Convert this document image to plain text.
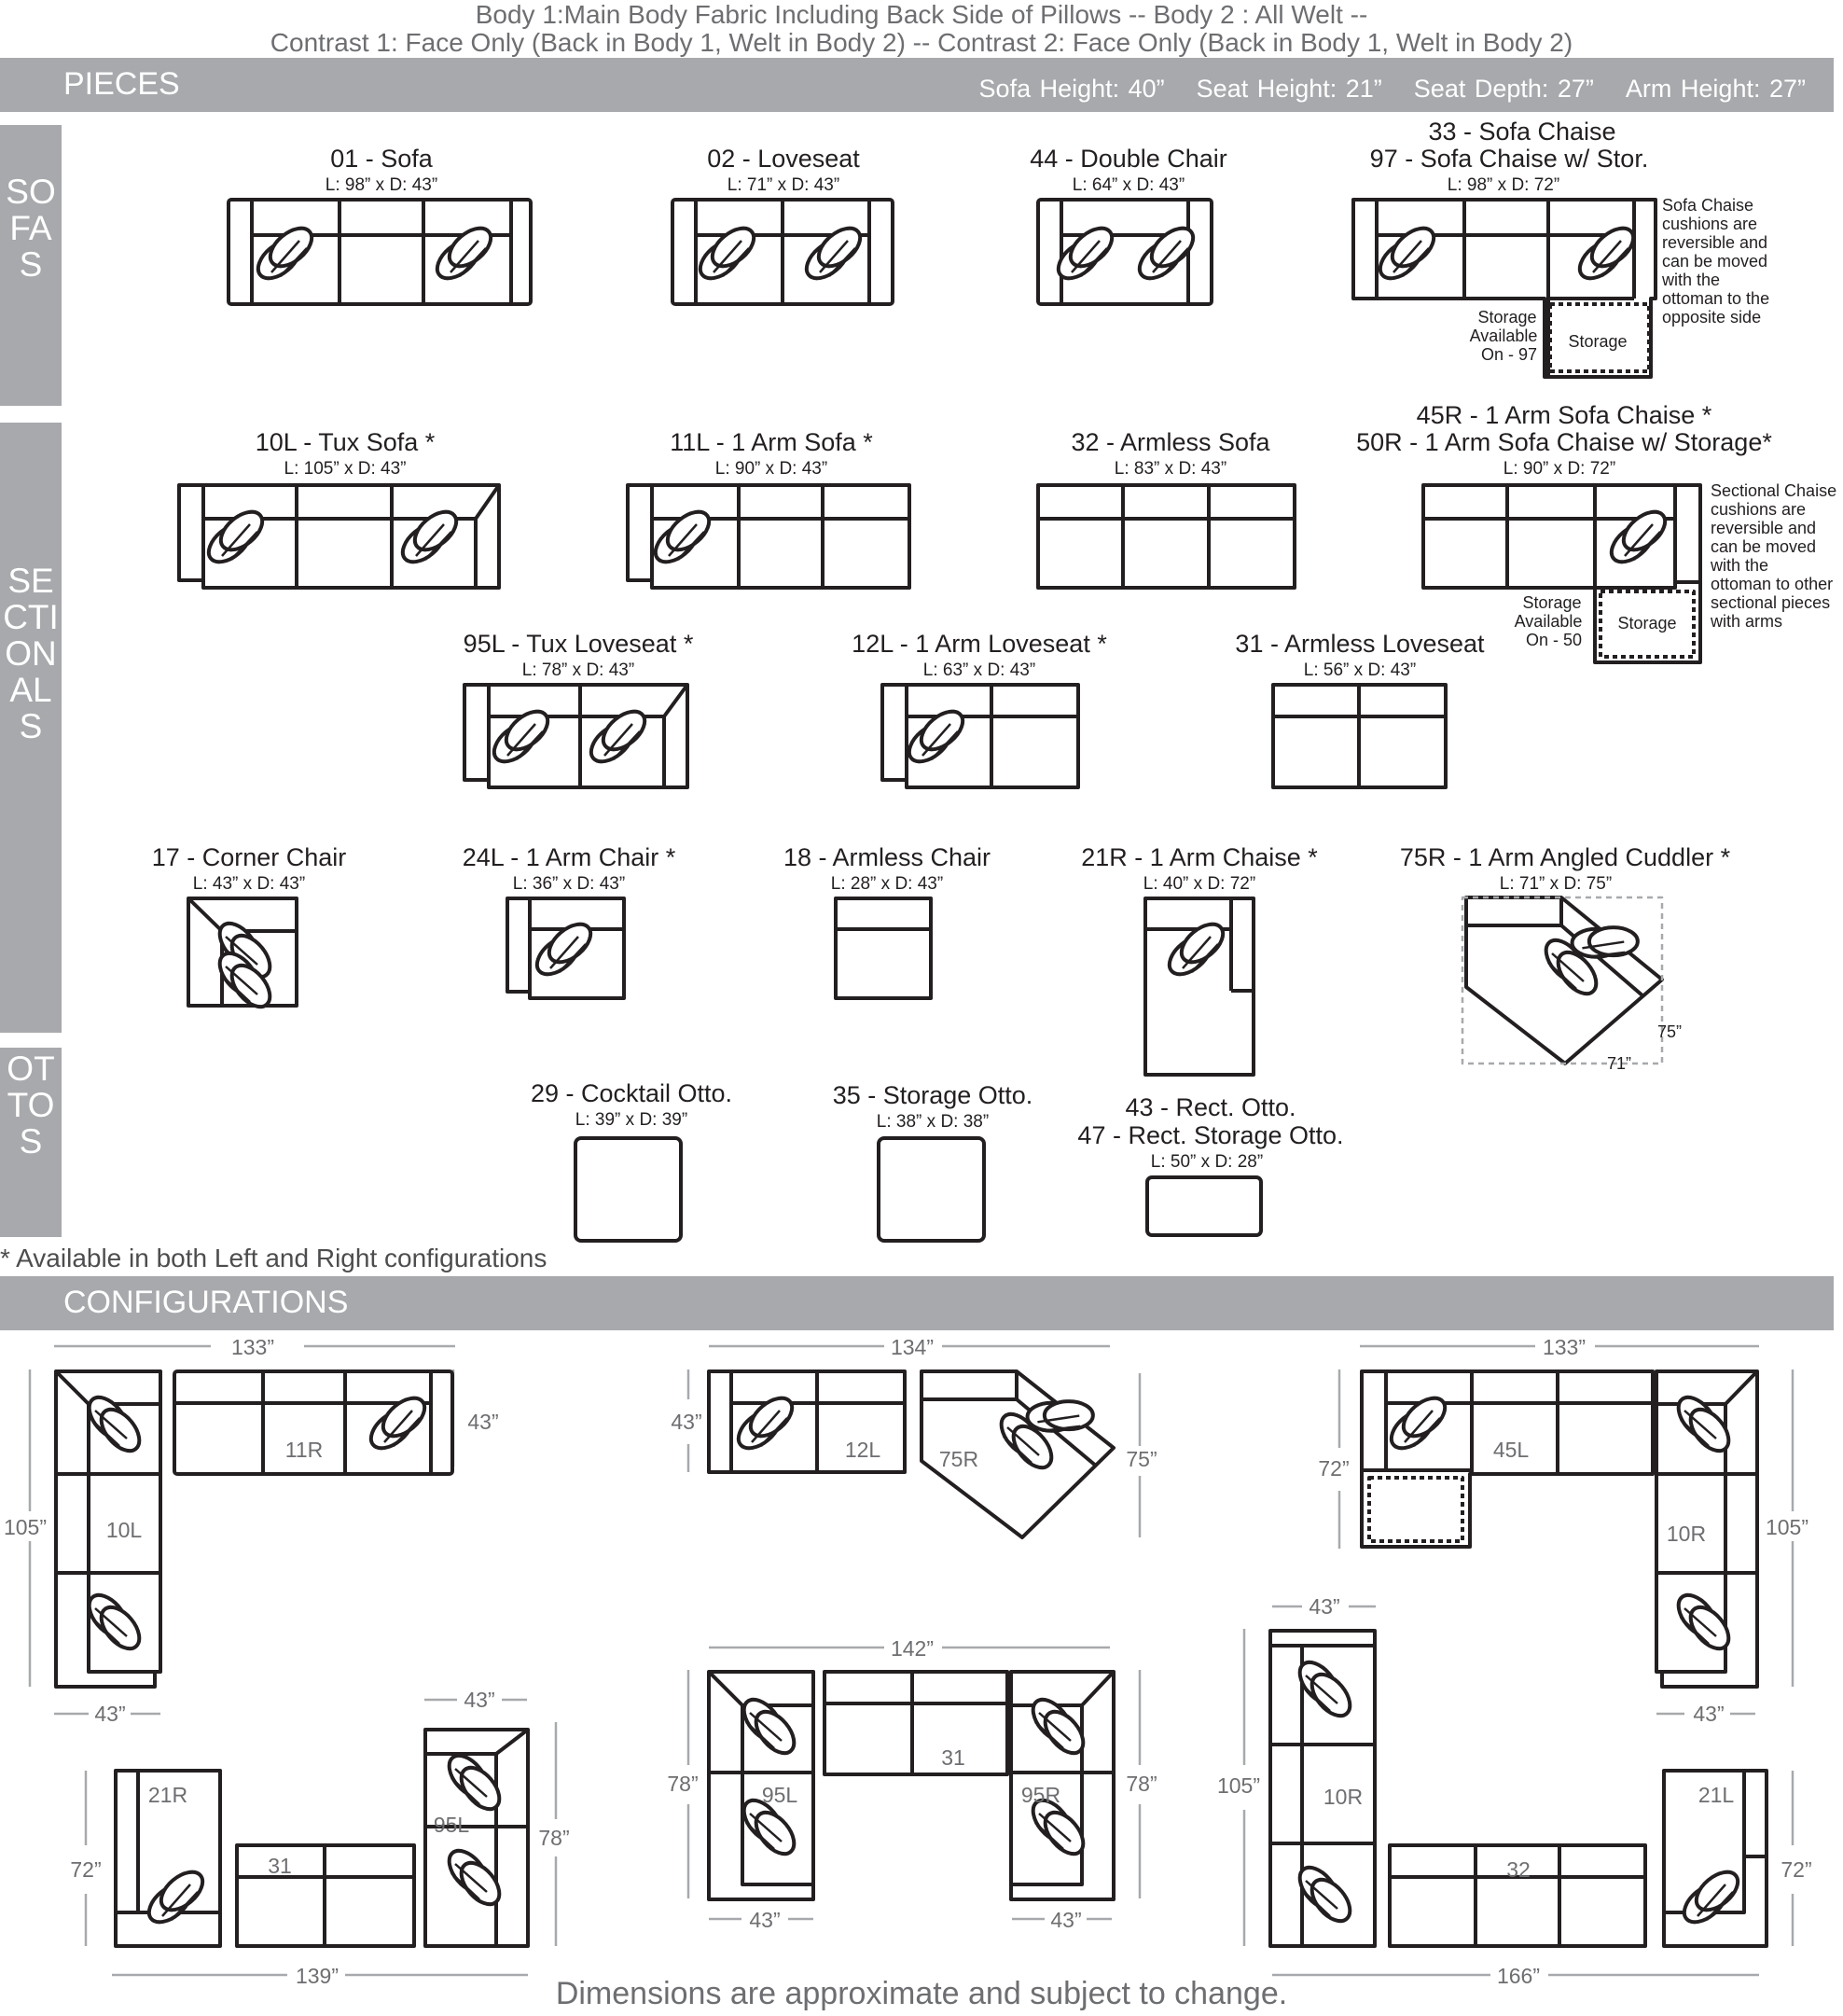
Body 1:Main Body Fabric Including Back Side of Pillows -- Body 2 : All Welt --
Contrast 1: Face Only (Back in Body 1, Welt in Body 2) -- Contrast 2: Face Only (Back in Body 1, Welt in Body 2)
PIECES	Sofa Height: 40” Seat Height: 21” Seat Depth: 27” Arm Height: 27”
SOFAS
SECTIONALS
OTTOS
* Available in both Left and Right configurations
CONFIGURATIONS
01 - Sofa
L: 98” x D: 43”
02 - Loveseat
L: 71” x D: 43”
44 - Double Chair
L: 64” x D: 43”
33 - Sofa Chaise
97 - Sofa Chaise w/ Stor.
L: 98” x D: 72”
10L - Tux Sofa *
L: 105” x D: 43”
11L - 1 Arm Sofa *
L: 90” x D: 43”
32 - Armless Sofa
L: 83” x D: 43”
45R - 1 Arm Sofa Chaise *
50R - 1 Arm Sofa Chaise w/ Storage*
L: 90” x D: 72”
95L - Tux Loveseat *
L: 78” x D: 43”
12L - 1 Arm Loveseat *
L: 63” x D: 43”
31 - Armless Loveseat
L: 56” x D: 43”
17 - Corner Chair
L: 43” x D: 43”
24L - 1 Arm Chair *
L: 36” x D: 43”
18 - Armless Chair
L: 28” x D: 43”
21R - 1 Arm Chaise *
L: 40” x D: 72”
75R - 1 Arm Angled Cuddler *
L: 71” x D: 75”
29 - Cocktail Otto.
L: 39” x D: 39”
35 - Storage Otto.
L: 38” x D: 38”
43 - Rect. Otto.
47 - Rect. Storage Otto.
L: 50” x D: 28”
Storage
Storage
Available
On - 97
Sofa Chaise
cushions are
reversible and
can be moved
with the
ottoman to the
opposite side
Storage
Storage
Available
On - 50
Sectional Chaise
cushions are
reversible and
can be moved
with the
ottoman to other
sectional pieces
with arms
75”
71”
11R
10L
133”
105”
43”
43”
12L	75R
134”
43”
75”	45L
10R
133”
72”
105”
43”
21R
31
95L
43”
72”
78”
139”
95L
31
95R
142”
78”	78”
43”	43”
10R
32
21L
43”
105”
72”
166”
Dimensions are approximate and subject to change.
